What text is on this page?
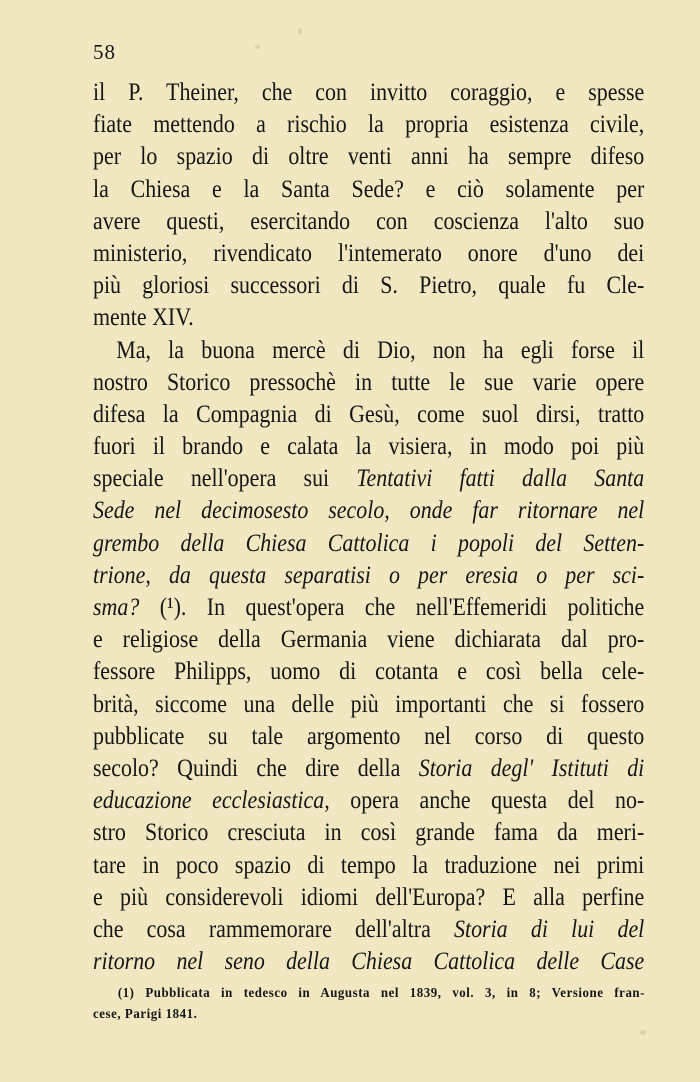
58
il P. Theiner, che con invitto coraggio, e spesse
fiate mettendo a rischio la propria esistenza civile,
per lo spazio di oltre venti anni ha sempre difeso
la Chiesa e la Santa Sede? e ciò solamente per
avere questi, esercitando con coscienza l'alto suo
ministerio, rivendicato l'intemerato onore d'uno dei
più gloriosi successori di S. Pietro, quale fu Cle-
mente XIV.
Ma, la buona mercè di Dio, non ha egli forse il
nostro Storico pressochè in tutte le sue varie opere
difesa la Compagnia di Gesù, come suol dirsi, tratto
fuori il brando e calata la visiera, in modo poi più
speciale nell'opera sui Tentativi fatti dalla Santa
Sede nel decimosesto secolo, onde far ritornare nel
grembo della Chiesa Cattolica i popoli del Setten-
trione, da questa separatisi o per eresia o per sci-
sma? (¹). In quest'opera che nell'Effemeridi politiche
e religiose della Germania viene dichiarata dal pro-
fessore Philipps, uomo di cotanta e così bella cele-
brità, siccome una delle più importanti che si fossero
pubblicate su tale argomento nel corso di questo
secolo? Quindi che dire della Storia degl' Istituti di
educazione ecclesiastica, opera anche questa del no-
stro Storico cresciuta in così grande fama da meri-
tare in poco spazio di tempo la traduzione nei primi
e più considerevoli idiomi dell'Europa? E alla perfine
che cosa rammemorare dell'altra Storia di lui del
ritorno nel seno della Chiesa Cattolica delle Case
(1) Pubblicata in tedesco in Augusta nel 1839, vol. 3, in 8; Versione fran-
cese, Parigi 1841.
